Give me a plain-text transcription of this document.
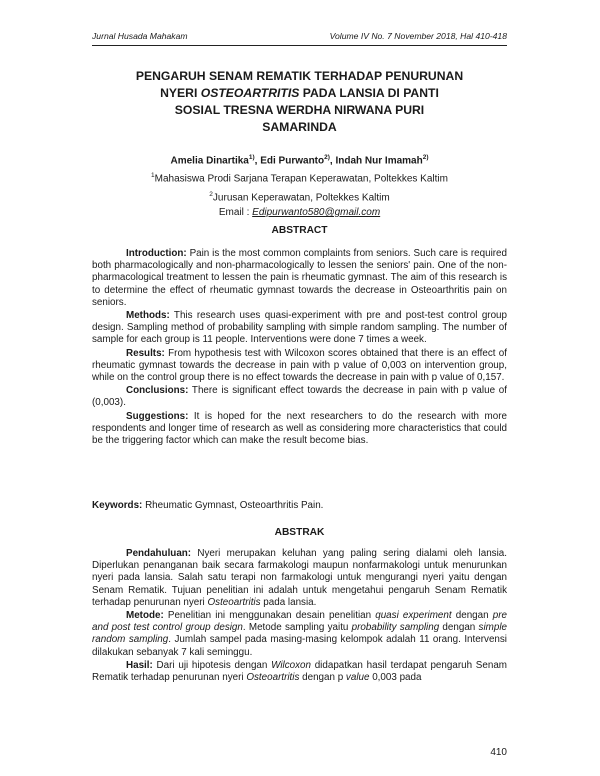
Jurnal Husada Mahakam	Volume IV No. 7 November 2018, Hal 410-418
PENGARUH SENAM REMATIK TERHADAP PENURUNAN
NYERI OSTEOARTRITIS PADA LANSIA DI PANTI
SOSIAL TRESNA WERDHA NIRWANA PURI
SAMARINDA
Amelia Dinartika$^{1)}$, Edi Purwanto$^{2)}$, Indah Nur Imamah$^{2)}$
$^1$Mahasiswa Prodi Sarjana Terapan Keperawatan, Poltekkes Kaltim
$^2$Jurusan Keperawatan, Poltekkes Kaltim
Email : Edipurwanto580@gmail.com
ABSTRACT

Introduction: Pain is the most common complaints from seniors. Such care is required both pharmacologically and non-pharmacologically to lessen the seniors' pain. One of the non-pharmacological treatment to lessen the pain is rheumatic gymnast. The aim of this research is to determine the effect of rheumatic gymnast towards the decrease in Osteoarthritis pain on seniors.

Methods: This research uses quasi-experiment with pre and post-test control group design. Sampling method of probability sampling with simple random sampling. The number of sample for each group is 11 people. Interventions were done 7 times a week.

Results: From hypothesis test with Wilcoxon scores obtained that there is an effect of rheumatic gymnast towards the decrease in pain with p value of 0,003 on intervention group, while on the control group there is no effect towards the decrease in pain with p value of 0,157.

Conclusions: There is significant effect towards the decrease in pain with p value of (0,003).

Suggestions: It is hoped for the next researchers to do the research with more respondents and longer time of research as well as considering more characteristics that could be the triggering factor which can make the result become bias.

Keywords: Rheumatic Gymnast, Osteoarthritis Pain.
ABSTRAK

Pendahuluan: Nyeri merupakan keluhan yang paling sering dialami oleh lansia. Diperlukan penanganan baik secara farmakologi maupun nonfarmakologi untuk menurunkan nyeri pada lansia. Salah satu terapi non farmakologi untuk mengurangi nyeri yaitu dengan Senam Rematik. Tujuan penelitian ini adalah untuk mengetahui pengaruh Senam Rematik terhadap penurunan nyeri Osteoartritis pada lansia.

Metode: Penelitian ini menggunakan desain penelitian quasi experiment dengan pre and post test control group design. Metode sampling yaitu probability sampling dengan simple random sampling. Jumlah sampel pada masing-masing kelompok adalah 11 orang. Intervensi dilakukan sebanyak 7 kali seminggu.

Hasil: Dari uji hipotesis dengan Wilcoxon didapatkan hasil terdapat pengaruh Senam Rematik terhadap penurunan nyeri Osteoartritis dengan p value 0,003 pada

410
